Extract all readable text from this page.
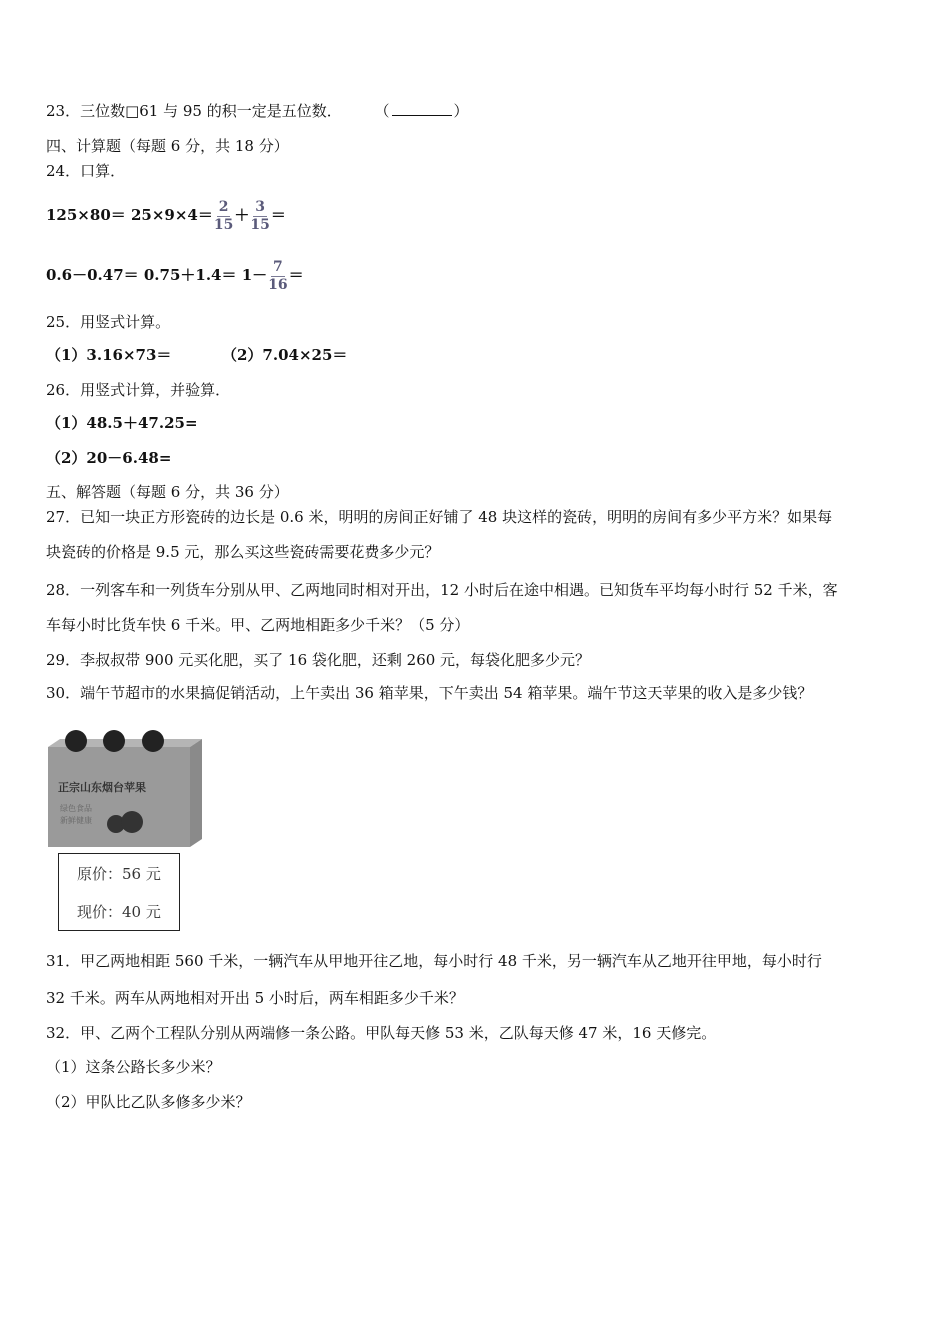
23．三位数□61 与 95 的积一定是五位数． （	）
四、计算题（每题 6 分，共 18 分）
24．口算．
$125\times 80= 25\times 9\times 4= \frac{2}{15} + \frac{3}{15}$ ＝
$0.6-0.47= 0.75+1.4= 1- \frac{7}{16}$ ＝
25．用竖式计算。
（1）3.16×73＝	（2）7.04×25＝
26．用竖式计算，并验算．
（1）48.5＋47.25=
（2）20－6.48=
五、解答题（每题 6 分，共 36 分）
27．已知一块正方形瓷砖的边长是 0.6 米，明明的房间正好铺了 48 块这样的瓷砖，明明的房间有多少平方米？如果每
块瓷砖的价格是 9.5 元，那么买这些瓷砖需要花费多少元？
28．一列客车和一列货车分别从甲、乙两地同时相对开出，12 小时后在途中相遇。已知货车平均每小时行 52 千米，客
车每小时比货车快 6 千米。甲、乙两地相距多少千米？（5 分）
29．李叔叔带 900 元买化肥，买了 16 袋化肥，还剩 260 元，每袋化肥多少元？
30．端午节超市的水果搞促销活动，上午卖出 36 箱苹果，下午卖出 54 箱苹果。端午节这天苹果的收入是多少钱？
正宗山东烟台苹果
绿色食品
新鲜健康
原价：56 元
现价：40 元
31．甲乙两地相距 560 千米，一辆汽车从甲地开往乙地，每小时行 48 千米，另一辆汽车从乙地开往甲地，每小时行
32 千米。两车从两地相对开出 5 小时后，两车相距多少千米？
32．甲、乙两个工程队分别从两端修一条公路。甲队每天修 53 米，乙队每天修 47 米，16 天修完。
（1）这条公路长多少米？
（2）甲队比乙队多修多少米？
